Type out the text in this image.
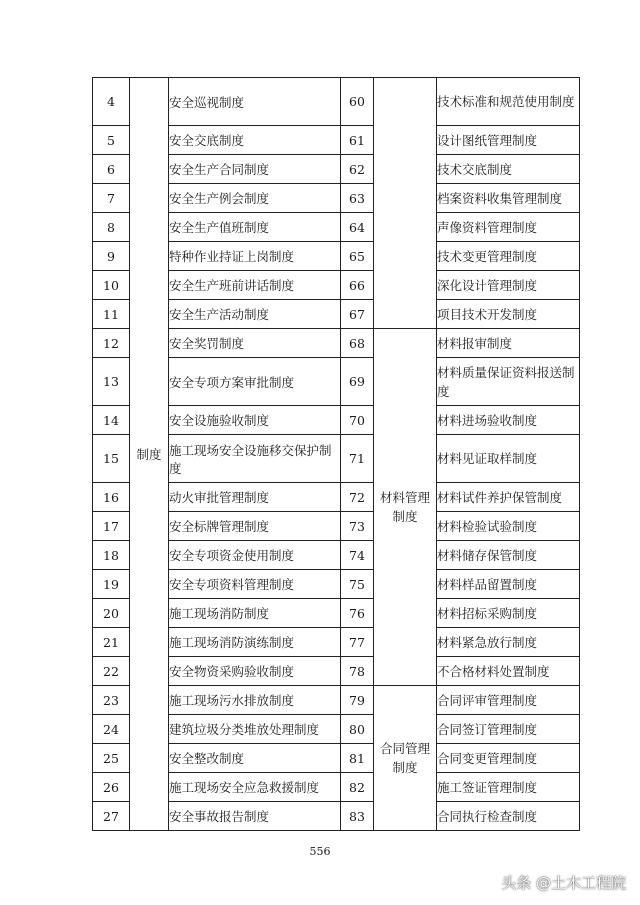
4	制度	安全巡视制度	60		技术标准和规范使用制度
5		安全交底制度	61		设计图纸管理制度
6		安全生产合同制度	62		技术交底制度
7		安全生产例会制度	63		档案资料收集管理制度
8		安全生产值班制度	64		声像资料管理制度
9		特种作业持证上岗制度	65		技术变更管理制度
10		安全生产班前讲话制度	66		深化设计管理制度
11		安全生产活动制度	67		项目技术开发制度
12		安全奖罚制度	68	材料管理制度	材料报审制度
13		安全专项方案审批制度	69		材料质量保证资料报送制度
14		安全设施验收制度	70		材料进场验收制度
15		施工现场安全设施移交保护制度	71		材料见证取样制度
16		动火审批管理制度	72		材料试件养护保管制度
17		安全标牌管理制度	73		材料检验试验制度
18		安全专项资金使用制度	74		材料储存保管制度
19		安全专项资料管理制度	75		材料样品留置制度
20		施工现场消防制度	76		材料招标采购制度
21		施工现场消防演练制度	77		材料紧急放行制度
22		安全物资采购验收制度	78		不合格材料处置制度
23		施工现场污水排放制度	79	合同管理制度	合同评审管理制度
24		建筑垃圾分类堆放处理制度	80		合同签订管理制度
25		安全整改制度	81		合同变更管理制度
26		施工现场安全应急救援制度	82		施工签证管理制度
27		安全事故报告制度	83		合同执行检查制度
556
头条 @土木工程院
